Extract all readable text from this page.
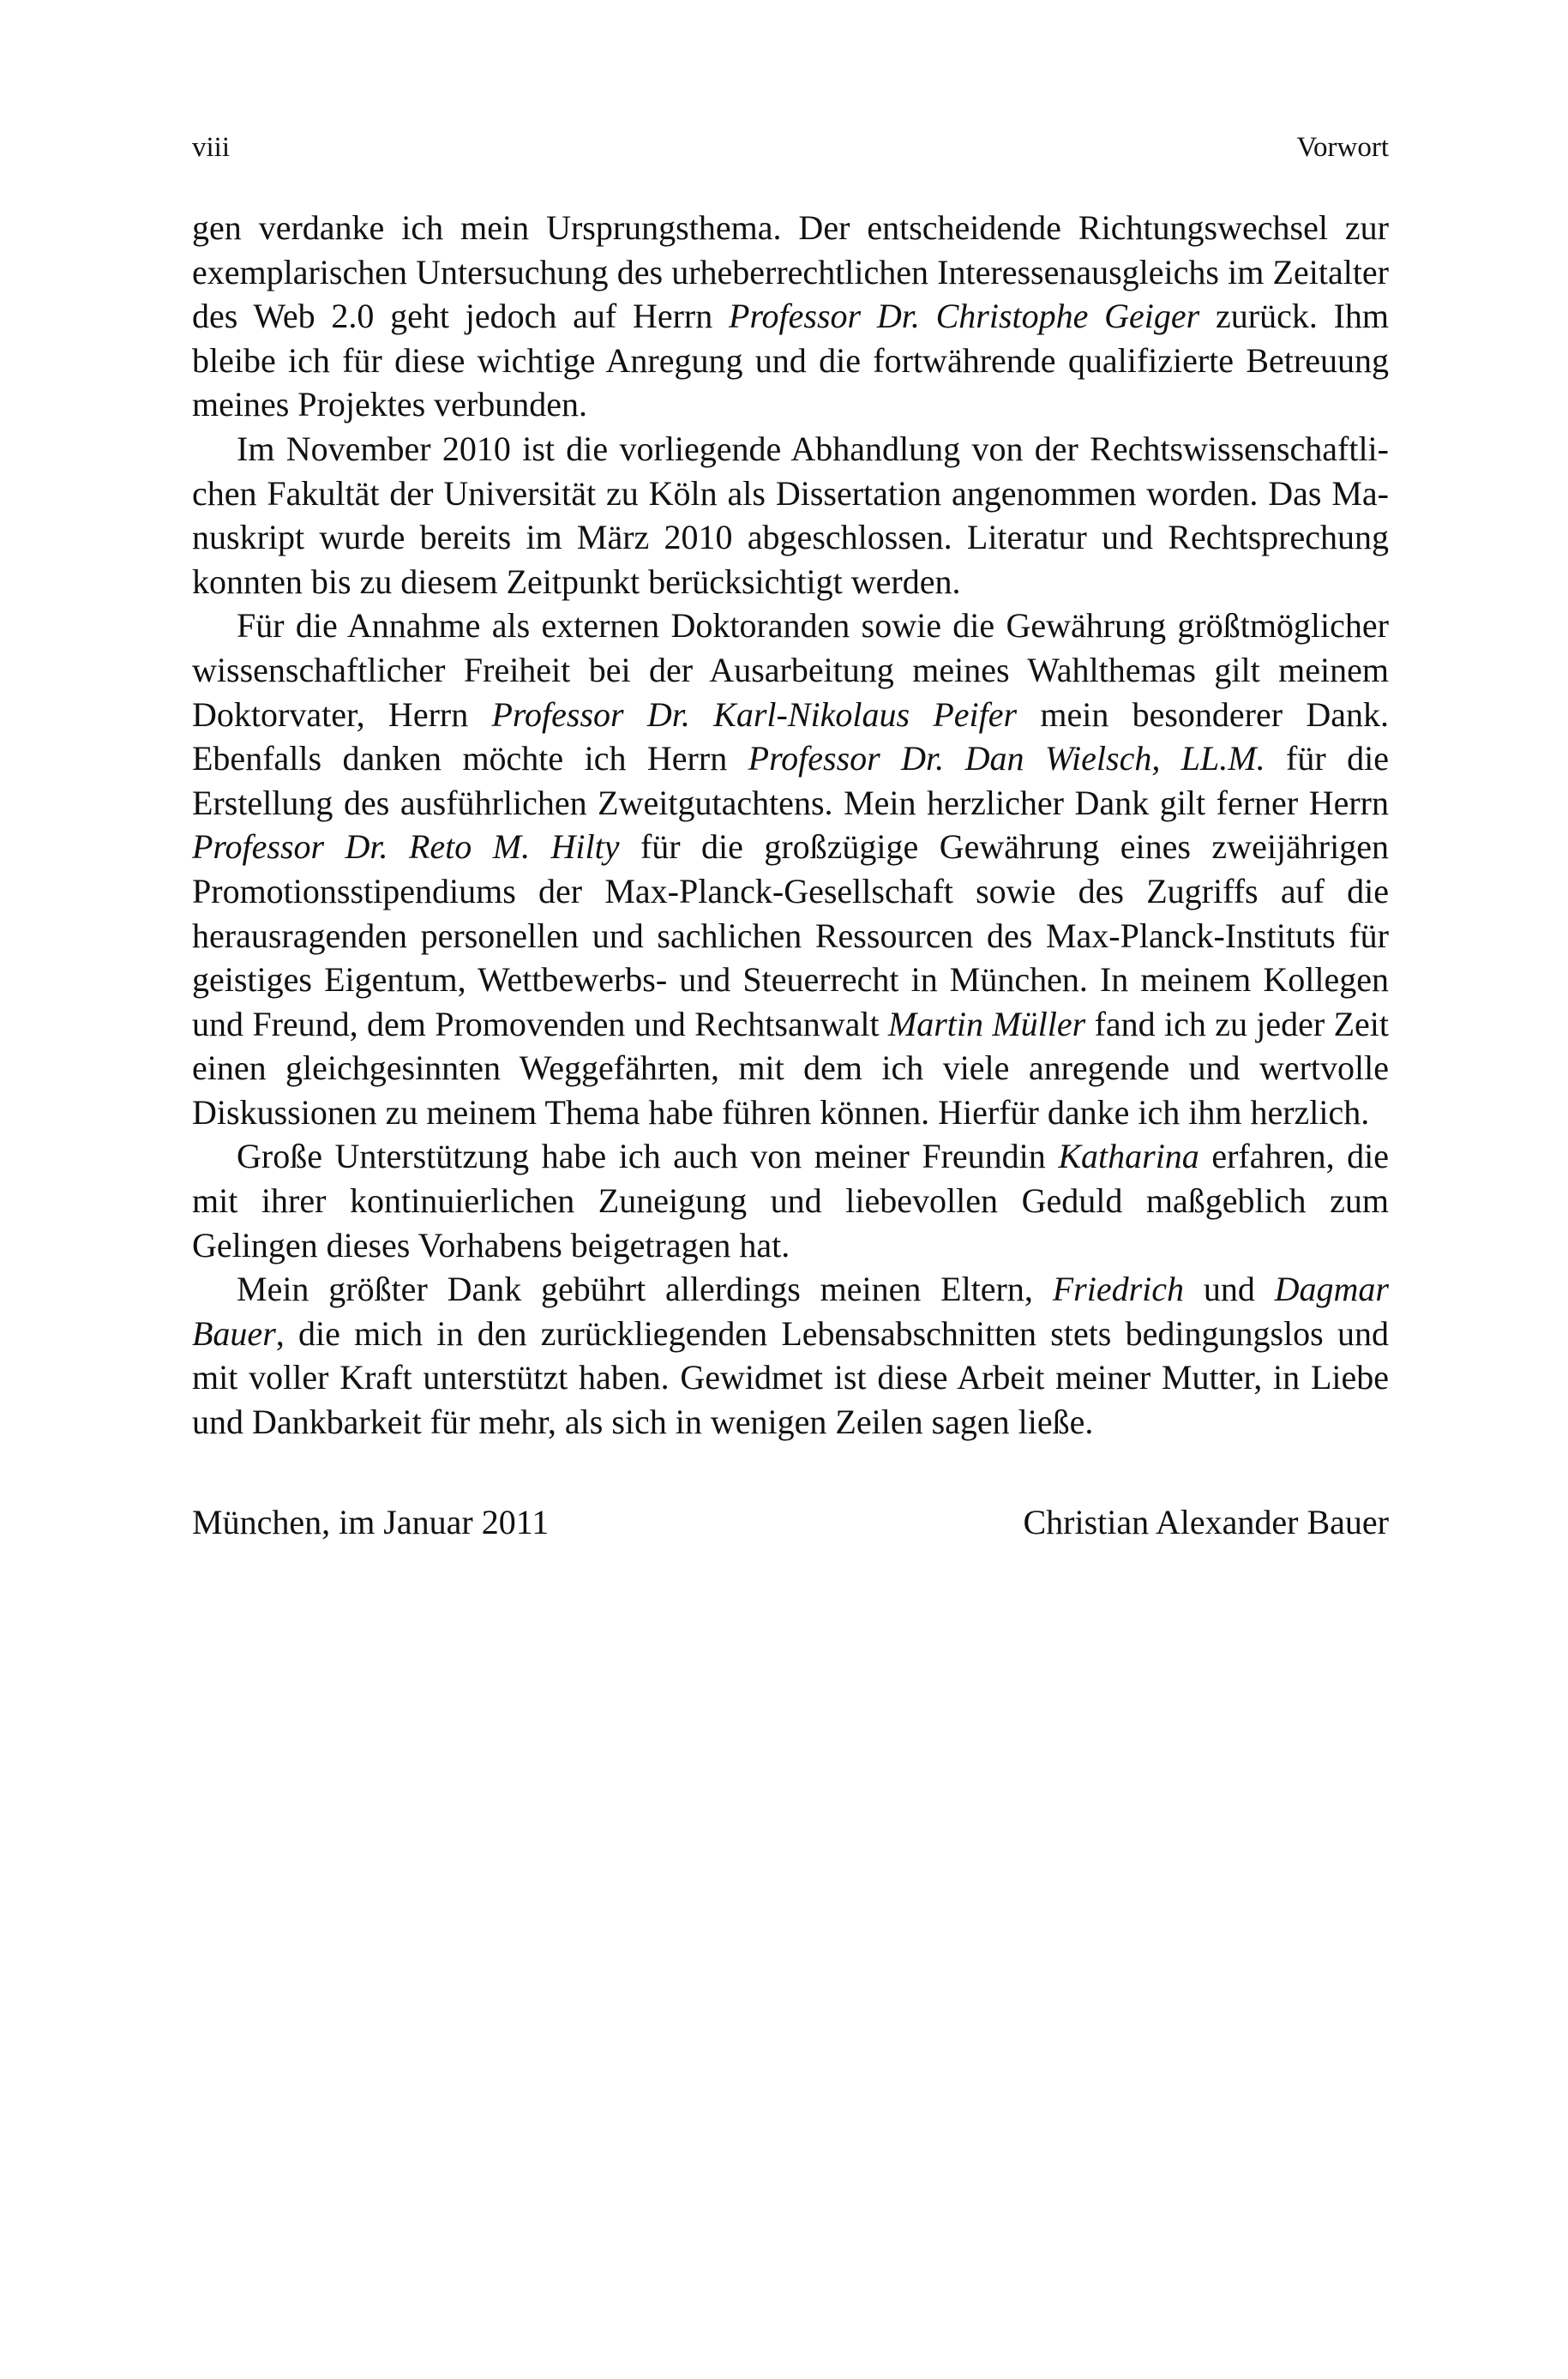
viii	Vorwort

gen verdanke ich mein Ursprungsthema. Der entscheidende Richtungswechsel zur exemplarischen Untersuchung des urheberrechtlichen Interessenausgleichs im Zeitalter des Web 2.0 geht jedoch auf Herrn Professor Dr. Christophe Geiger zurück. Ihm bleibe ich für diese wichtige Anregung und die fortwährende qualifizierte Betreuung meines Projektes verbunden.

Im November 2010 ist die vorliegende Abhandlung von der Rechtswissenschaftlichen Fakultät der Universität zu Köln als Dissertation angenommen worden. Das Manuskript wurde bereits im März 2010 abgeschlossen. Literatur und Rechtsprechung konnten bis zu diesem Zeitpunkt berücksichtigt werden.

Für die Annahme als externen Doktoranden sowie die Gewährung größtmöglicher wissenschaftlicher Freiheit bei der Ausarbeitung meines Wahlthemas gilt meinem Doktorvater, Herrn Professor Dr. Karl-Nikolaus Peifer mein besonderer Dank. Ebenfalls danken möchte ich Herrn Professor Dr. Dan Wielsch, LL.M. für die Erstellung des ausführlichen Zweitgutachtens. Mein herzlicher Dank gilt ferner Herrn Professor Dr. Reto M. Hilty für die großzügige Gewährung eines zweijährigen Promotionsstipendiums der Max-Planck-Gesellschaft sowie des Zugriffs auf die herausragenden personellen und sachlichen Ressourcen des Max-Planck-Instituts für geistiges Eigentum, Wettbewerbs- und Steuerrecht in München. In meinem Kollegen und Freund, dem Promovenden und Rechtsanwalt Martin Müller fand ich zu jeder Zeit einen gleichgesinnten Weggefährten, mit dem ich viele anregende und wertvolle Diskussionen zu meinem Thema habe führen können. Hierfür danke ich ihm herzlich.

Große Unterstützung habe ich auch von meiner Freundin Katharina erfahren, die mit ihrer kontinuierlichen Zuneigung und liebevollen Geduld maßgeblich zum Gelingen dieses Vorhabens beigetragen hat.

Mein größter Dank gebührt allerdings meinen Eltern, Friedrich und Dagmar Bauer, die mich in den zurückliegenden Lebensabschnitten stets bedingungslos und mit voller Kraft unterstützt haben. Gewidmet ist diese Arbeit meiner Mutter, in Liebe und Dankbarkeit für mehr, als sich in wenigen Zeilen sagen ließe.

München, im Januar 2011	Christian Alexander Bauer
